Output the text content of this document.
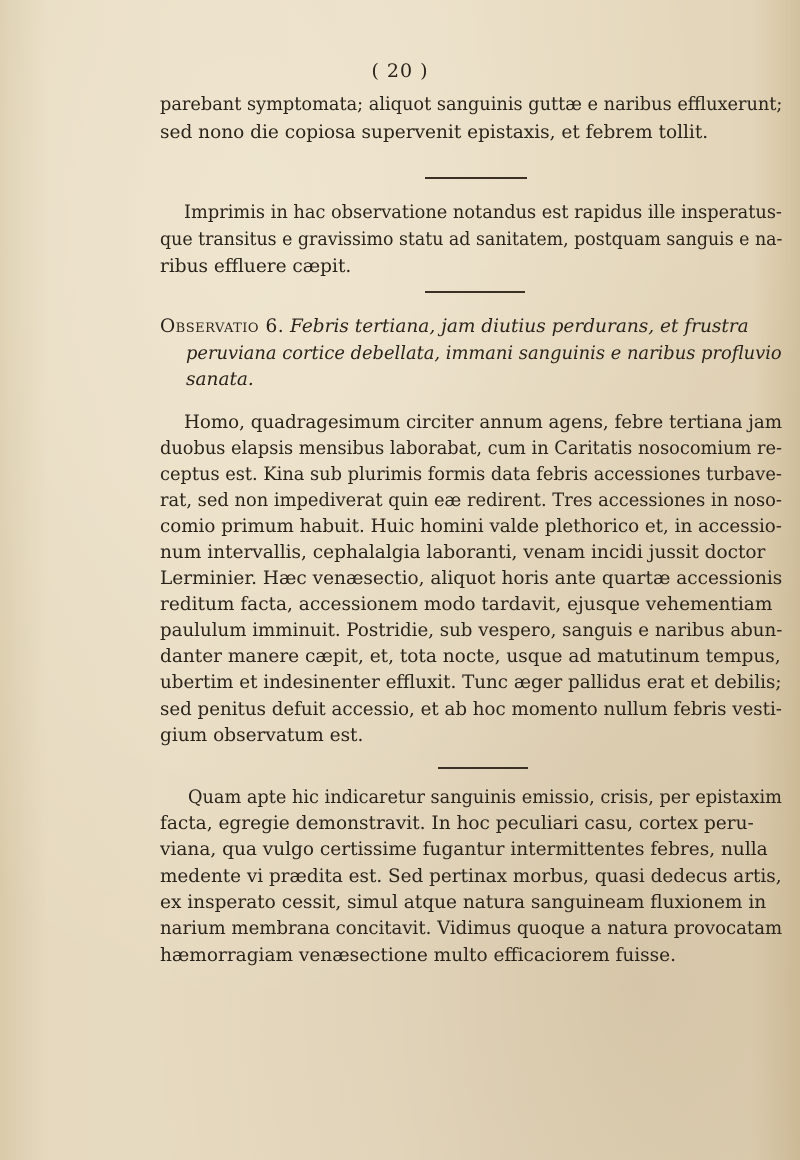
( 20 )
parebant symptomata; aliquot sanguinis guttæ e naribus effluxerunt;
sed nono die copiosa supervenit epistaxis, et febrem tollit.
Imprimis in hac observatione notandus est rapidus ille insperatus-
que transitus e gravissimo statu ad sanitatem, postquam sanguis e na-
ribus effluere cæpit.
Observatio 6. Febris tertiana, jam diutius perdurans, et frustra
peruviana cortice debellata, immani sanguinis e naribus profluvio
sanata.
Homo, quadragesimum circiter annum agens, febre tertiana jam
duobus elapsis mensibus laborabat, cum in Caritatis nosocomium re-
ceptus est. Kina sub plurimis formis data febris accessiones turbave-
rat, sed non impediverat quin eæ redirent. Tres accessiones in noso-
comio primum habuit. Huic homini valde plethorico et, in accessio-
num intervallis, cephalalgia laboranti, venam incidi jussit doctor
Lerminier. Hæc venæsectio, aliquot horis ante quartæ accessionis
reditum facta, accessionem modo tardavit, ejusque vehementiam
paululum imminuit. Postridie, sub vespero, sanguis e naribus abun-
danter manere cæpit, et, tota nocte, usque ad matutinum tempus,
ubertim et indesinenter effluxit. Tunc æger pallidus erat et debilis;
sed penitus defuit accessio, et ab hoc momento nullum febris vesti-
gium observatum est.
Quam apte hic indicaretur sanguinis emissio, crisis, per epistaxim
facta, egregie demonstravit. In hoc peculiari casu, cortex peru-
viana, qua vulgo certissime fugantur intermittentes febres, nulla
medente vi prædita est. Sed pertinax morbus, quasi dedecus artis,
ex insperato cessit, simul atque natura sanguineam fluxionem in
narium membrana concitavit. Vidimus quoque a natura provocatam
hæmorragiam venæsectione multo efficaciorem fuisse.
